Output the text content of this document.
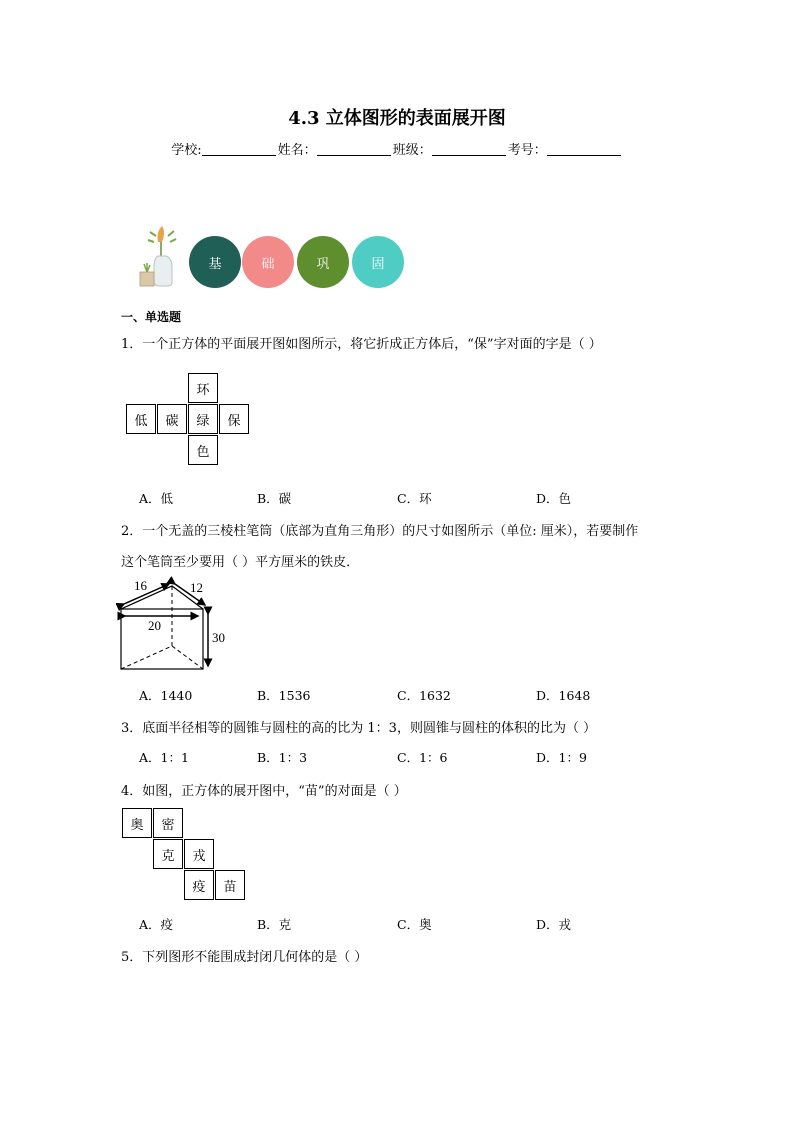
4.3 立体图形的表面展开图
学校:	姓名：	班级：	考号：
基	础	巩	固
一、单选题
1．一个正方体的平面展开图如图所示，将它折成正方体后，“保”字对面的字是（ ）
环
低	碳	绿	保
色
A．低	B．碳	C．环	D．色
2．一个无盖的三棱柱笔筒（底部为直角三角形）的尺寸如图所示（单位: 厘米），若要制作
这个笔筒至少要用（ ）平方厘米的铁皮．
16	12
20
30
A．1440	B．1536	C．1632	D．1648
3．底面半径相等的圆锥与圆柱的高的比为 1：3，则圆锥与圆柱的体积的比为（ ）
A．1：1	B．1：3	C．1：6	D．1：9
4．如图，正方体的展开图中，“苗”的对面是（ ）
奥	密
克	戎
疫	苗
A．疫	B．克	C．奥	D．戎
5．下列图形不能围成封闭几何体的是（ ）
